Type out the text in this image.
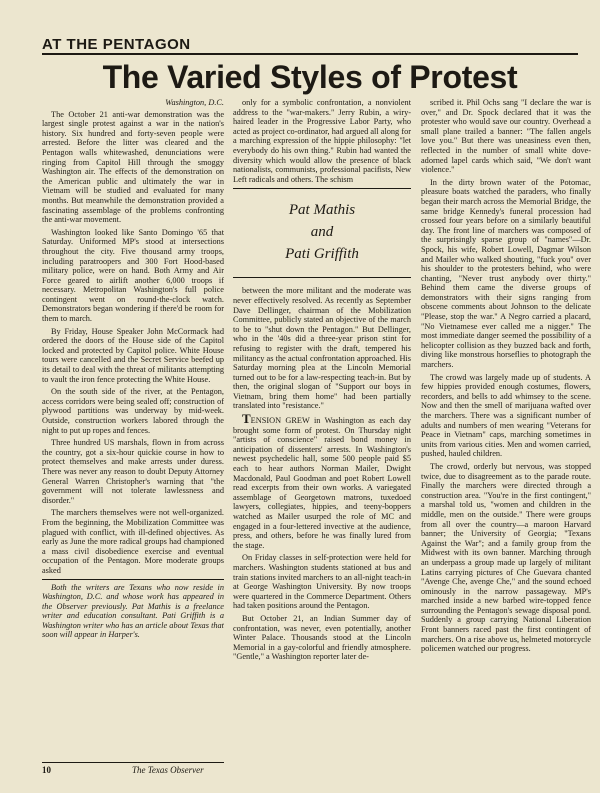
AT THE PENTAGON
The Varied Styles of Protest

Washington, D.C.

The October 21 anti-war demonstration was the largest single protest against a war in the nation's history. Six hundred and forty-seven people were arrested. Before the litter was cleared and the Pentagon walls whitewashed, denunciations were ringing from Capitol Hill through the smoggy Washington air. The effects of the demonstration on the American public and ultimately the war in Vietnam will be studied and evaluated for many months. But meanwhile the demonstration provided a fascinating assemblage of the problems confronting the anti-war movement.

Washington looked like Santo Domingo '65 that Saturday. Uniformed MP's stood at intersections throughout the city. Five thousand army troops, including paratroopers and 300 Fort Hood-based military police, were on hand. Both Army and Air Force geared to airlift another 6,000 troops if necessary. Metropolitan Washington's full police contingent went on round-the-clock watch. Demonstrators began wondering if there'd be room for them to march.

By Friday, House Speaker John McCormack had ordered the doors of the House side of the Capitol locked and protected by Capitol police. White House tours were cancelled and the Secret Service beefed up its detail to deal with the threat of militants attempting to vault the iron fence protecting the White House.

On the south side of the river, at the Pentagon, access corridors were being sealed off; construction of plywood partitions was underway by mid-week. Outside, construction workers labored through the night to put up ropes and fences.

Three hundred US marshals, flown in from across the country, got a six-hour quickie course in how to protect themselves and make arrests under duress. There was never any reason to doubt Deputy Attorney General Warren Christopher's warning that "the government will not tolerate lawlessness and disorder."

The marchers themselves were not well-organized. From the beginning, the Mobilization Committee was plagued with conflict, with ill-defined objectives. As early as June the more radical groups had championed a mass civil disobedience exercise and eventual occupation of the Pentagon. More moderate groups asked

Both the writers are Texans who now reside in Washington, D.C. and whose work has appeared in the Observer previously. Pat Mathis is a freelance writer and education consultant. Pati Griffith is a Washington writer who has an article about Texas that soon will appear in Harper's.

only for a symbolic confrontation, a nonviolent address to the "war-makers." Jerry Rubin, a wiry-haired leader in the Progressive Labor Party, who acted as project co-ordinator, had argued all along for a marching expression of the hippie philosophy: "let everybody do his own thing." Rubin had wanted the diversity which would allow the presence of black nationalists, communists, professional pacifists, New Left radicals and others. The schism

Pat Mathis
and
Pati Griffith

between the more militant and the moderate was never effectively resolved. As recently as September Dave Dellinger, chairman of the Mobilization Committee, publicly stated an objective of the march to be to "shut down the Pentagon." But Dellinger, who in the '40s did a three-year prison stint for refusing to register with the draft, tempered his militancy as the actual confrontation approached. His Saturday morning plea at the Lincoln Memorial turned out to be for a law-respecting teach-in. But by then, the original slogan of "Support our boys in Vietnam, bring them home" had been partially translated into "resistance."

TENSION GREW in Washington as each day brought some form of protest. On Thursday night "artists of conscience" raised bond money in anticipation of dissenters' arrests. In Washington's newest psychedelic hall, some 500 people paid $5 each to hear authors Norman Mailer, Dwight Macdonald, Paul Goodman and poet Robert Lowell read excerpts from their own works. A variegated assemblage of Georgetown matrons, tuxedoed lawyers, collegiates, hippies, and teeny-boppers watched as Mailer usurped the role of MC and engaged in a four-lettered invective at the audience, press, and others, before he was finally lured from the stage.

On Friday classes in self-protection were held for marchers. Washington students stationed at bus and train stations invited marchers to an all-night teach-in at George Washington University. By now troops were quartered in the Commerce Department. Others had taken positions around the Pentagon.

But October 21, an Indian Summer day of confrontation, was never, even potentially, another Winter Palace. Thousands stood at the Lincoln Memorial in a gay-colorful and friendly atmosphere. "Gentle," a Washington reporter later de-

scribed it. Phil Ochs sang "I declare the war is over," and Dr. Spock declared that it was the protester who would save our country. Overhead a small plane trailed a banner: "The fallen angels love you." But there was uneasiness even then, reflected in the number of small white dove-adorned lapel cards which said, "We don't want violence."

In the dirty brown water of the Potomac, pleasure boats watched the paraders, who finally began their march across the Memorial Bridge, the same bridge Kennedy's funeral procession had crossed four years before on a similarly beautiful day. The front line of marchers was composed of the surprisingly sparse group of "names"—Dr. Spock, his wife, Robert Lowell, Dagmar Wilson and Mailer who walked shouting, "fuck you" over his shoulder to the protesters behind, who were chanting, "Never trust anybody over thirty." Behind them came the diverse groups of demonstrators with their signs ranging from obscene comments about Johnson to the delicate "Please, stop the war." A Negro carried a placard, "No Vietnamese ever called me a nigger." The most immediate danger seemed the possibility of a helicopter collision as they buzzed back and forth, diving like monstrous horseflies to photograph the marchers.

The crowd was largely made up of students. A few hippies provided enough costumes, flowers, recorders, and bells to add whimsey to the scene. Now and then the smell of marijuana wafted over the marchers. There was a significant number of adults and numbers of men wearing "Veterans for Peace in Vietnam" caps, marching sometimes in units from various cities. Men and women carried, pushed, hauled children.

The crowd, orderly but nervous, was stopped twice, due to disagreement as to the parade route. Finally the marchers were directed through a construction area. "You're in the first contingent," a marshal told us, "women and children in the middle, men on the outside." There were groups from all over the country—a maroon Harvard banner; the University of Georgia; "Texans Against the War"; and a family group from the Midwest with its own banner. Marching through an underpass a group made up largely of militant Latins carrying pictures of Che Guevara chanted "Avenge Che, avenge Che," and the sound echoed ominously in the narrow passageway. MP's marched inside a new barbed wire-topped fence surrounding the Pentagon's sewage disposal pond. Suddenly a group carrying National Liberation Front banners raced past the first contingent of marchers. On a rise above us, helmeted motorcycle policemen watched our progress.

10	The Texas Observer
